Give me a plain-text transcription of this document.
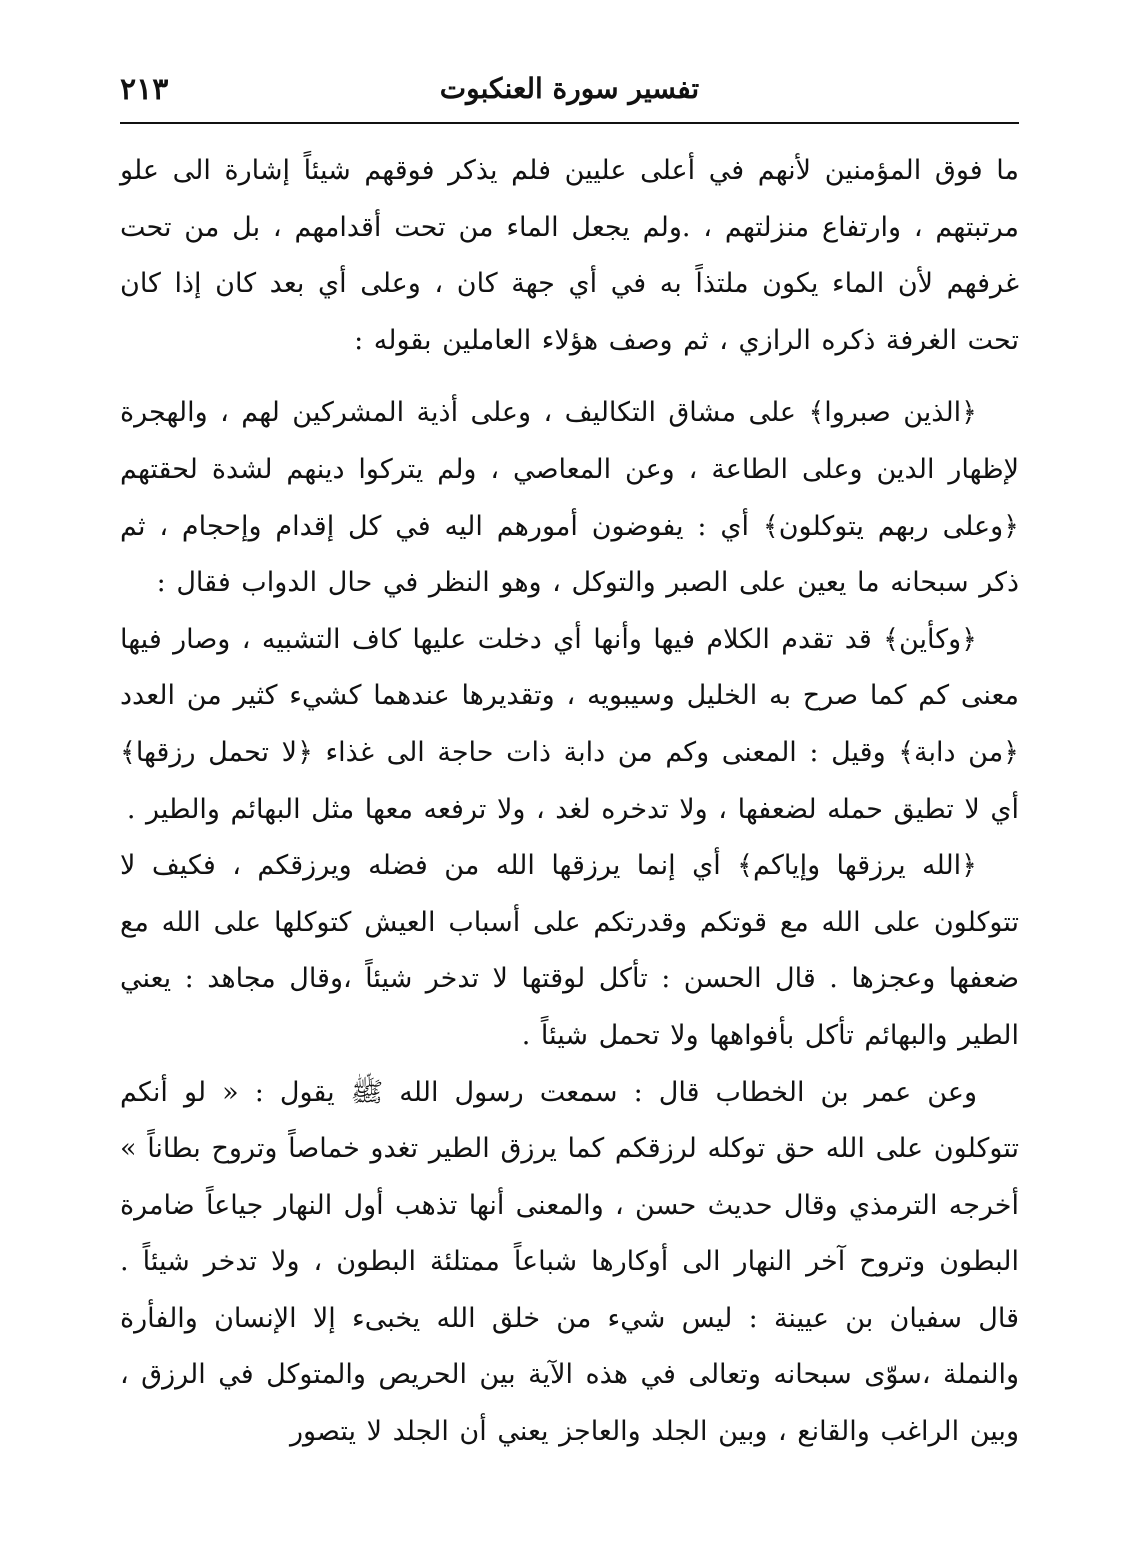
٢١٣	تفسير سورة العنكبوت

ما فوق المؤمنين لأنهم في أعلى عليين فلم يذكر فوقهم شيئاً إشارة الى علو مرتبتهم ، وارتفاع منزلتهم ، .ولم يجعل الماء من تحت أقدامهم ، بل من تحت غرفهم لأن الماء يكون ملتذاً به في أي جهة كان ، وعلى أي بعد كان إذا كان تحت الغرفة ذكره الرازي ، ثم وصف هؤلاء العاملين بقوله :

﴿الذين صبروا﴾ على مشاق التكاليف ، وعلى أذية المشركين لهم ، والهجرة لإظهار الدين وعلى الطاعة ، وعن المعاصي ، ولم يتركوا دينهم لشدة لحقتهم ﴿وعلى ربهم يتوكلون﴾ أي : يفوضون أمورهم اليه في كل إقدام وإحجام ، ثم ذكر سبحانه ما يعين على الصبر والتوكل ، وهو النظر في حال الدواب فقال :

﴿وكأين﴾ قد تقدم الكلام فيها وأنها أي دخلت عليها كاف التشبيه ، وصار فيها معنى كم كما صرح به الخليل وسيبويه ، وتقديرها عندهما كشيء كثير من العدد ﴿من دابة﴾ وقيل : المعنى وكم من دابة ذات حاجة الى غذاء ﴿لا تحمل رزقها﴾ أي لا تطيق حمله لضعفها ، ولا تدخره لغد ، ولا ترفعه معها مثل البهائم والطير .

﴿الله يرزقها وإياكم﴾ أي إنما يرزقها الله من فضله ويرزقكم ، فكيف لا تتوكلون على الله مع قوتكم وقدرتكم على أسباب العيش كتوكلها على الله مع ضعفها وعجزها . قال الحسن : تأكل لوقتها لا تدخر شيئاً ،وقال مجاهد : يعني الطير والبهائم تأكل بأفواهها ولا تحمل شيئاً .

وعن عمر بن الخطاب قال : سمعت رسول الله ﷺ يقول : « لو أنكم تتوكلون على الله حق توكله لرزقكم كما يرزق الطير تغدو خماصاً وتروح بطاناً » أخرجه الترمذي وقال حديث حسن ، والمعنى أنها تذهب أول النهار جياعاً ضامرة البطون وتروح آخر النهار الى أوكارها شباعاً ممتلئة البطون ، ولا تدخر شيئاً . قال سفيان بن عيينة : ليس شيء من خلق الله يخبىء إلا الإنسان والفأرة والنملة ،سوّى سبحانه وتعالى في هذه الآية بين الحريص والمتوكل في الرزق ، وبين الراغب والقانع ، وبين الجلد والعاجز يعني أن الجلد لا يتصور
